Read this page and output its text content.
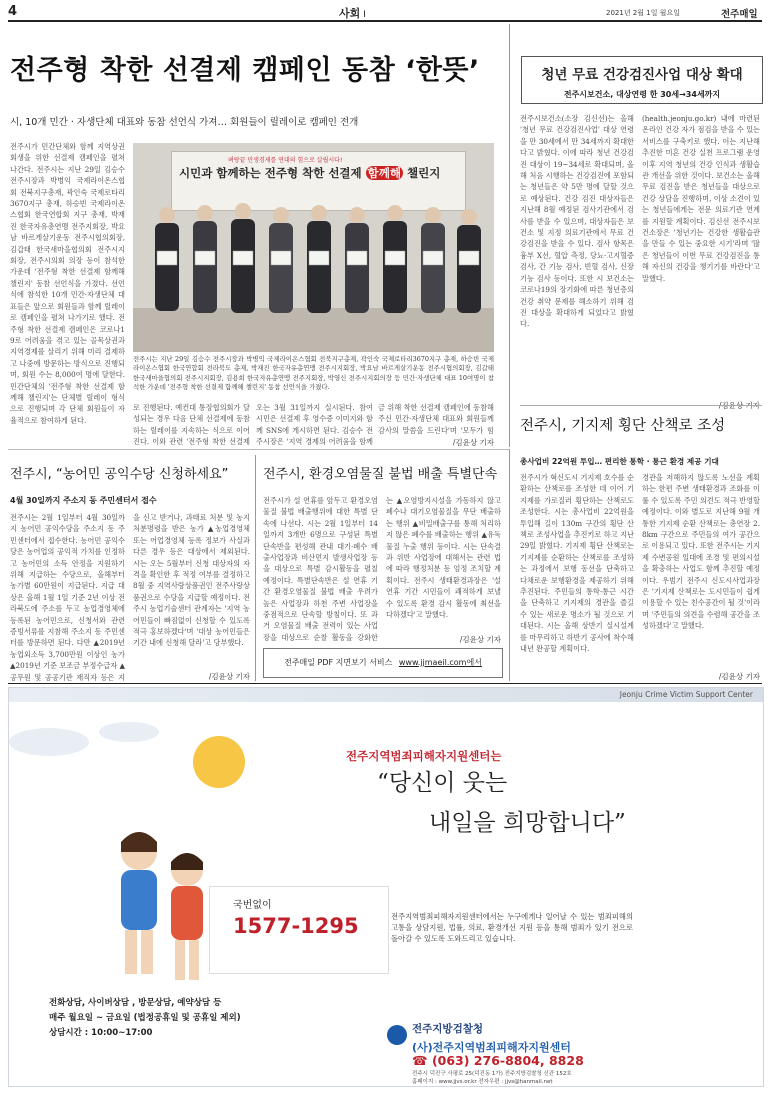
4	사회 Ⅰ	2021년 2월 1일 월요일	전주매일
전주형 착한 선결제 캠페인 동참 ‘한뜻’
시, 10개 민간 · 자생단체 대표와 동참 선언식 가져… 회원들이 릴레이로 캠페인 전개
전주시가 민간단체와 함께 지역상권 회생을 위한 선결제 캠페인을 펼쳐 나간다. 전주시는 지난 29일 김승수 전주시장과 박병익 국제라이온스협회 전북지구총재, 곽인숙 국제로타리3670지구 총재, 하승빈 국제라이온스협회 한국연합회 지구 총재, 박재진 한국자유총연맹 전주지회장, 박요남 바르게살기운동 전주시협의회장, 김갑태 한국새마을협의회 전주시지회장, 전주시의회 의장 등이 참석한 가운데 '전주형 착한 선결제 함께해 챌린지' 동참 선언식을 가졌다. 선언식에 참석한 10개 민간·자생단체 대표들은 앞으로 회원들과 함께 릴레이로 캠페인을 펼쳐 나가기로 했다. 전주형 착한 선결제 캠페인은 코로나19로 어려움을 겪고 있는 골목상권과 지역경제를 살리기 위해 미리 결제하고 나중에 방문하는 방식으로 진행되며, 회원 수는 8,000여 명에 달한다. 민간단체의 '전주형 착한 선결제 함께해 챌린지'는 단체별 릴레이 형식으로 진행되며 각 단체 회원들이 자율적으로 참여하게 된다.
벼랑끝 민생경제를 연대의 힘으로 살립시다!
시민과 함께하는 전주형 착한 선결제 함께해 챌린지
전주시는 지난 29일 김승수 전주시장과 박병익 국제라이온스협회 전북지구총재, 곽인숙 국제로타리3670지구 총재, 하승빈 국제라이온스협회 한국연합회 전라북도 총재, 박재진 한국자유총연맹 전주시지회장, 박요남 바르게살기운동 전주시협의회장, 김갑태 한국새마을협의회 전주시지회장, 김용희 한국자유총연맹 전주지회장, 박영신 전주시지회의장 등 민간·자생단체 대표 10여명이 참석한 가운데 '전주형 착한 선결제 함께해 챌린지' 동참 선언식을 가졌다.
로 진행된다. 예컨대 통장협의회가 달성되는 경우 다음 단체 선결제에 동참하는 릴레이를 지속하는 식으로 이어진다. 이와 관련 '전주형 착한 선결제
오는 3월 31일까지 실시된다. 참여 시민은 선결제 후 영수증 이미지와 함께 SNS에 게시하면 된다. 김승수 전주시장은 '지역 경제의 어려움을 함께
금 위해 착한 선결제 캠페인에 동참해주신 민간·자생단체 대표와 회원들께 감사의 말씀을 드린다'며 '모두가 힘
/김윤상 기자
청년 무료 건강검진사업 대상 확대
전주시보건소, 대상연령 한 30세→34세까지
전주시보건소(소장 김신선)는 올해 '청년 무료 건강검진사업' 대상 연령을 만 30세에서 만 34세까지 확대한다고 밝혔다. 이에 따라 청년 건강검진 대상이 19~34세로 확대되며, 올해 처음 시행하는 건강검진에 포함되는 청년들은 약 5만 명에 달할 것으로 예상된다. 건강 검진 대상자들은 지난해 8월 예정된 검사기관에서 검사를 받을 수 있으며, 대상자들은 보건소 및 지정 의료기관에서 무료 건강검진을 받을 수 있다. 검사 항목은 흉부 X선, 혈압 측정, 당뇨·고지혈증 검사, 간 기능 검사, 빈혈 검사, 신장 기능 검사 등이다. 또한 시 보건소는 코로나19의 장기화에 따른 청년층의 건강 취약 문제를 해소하기 위해 검진 대상을 확대하게 되었다고 밝혔다.
(health.jeonju.go.kr) 내에 마련된 온라인 건강 자가 점검을 받을 수 있는 서비스를 구축키로 했다. 이는 지난해 추진한 미혼 건강 실천 프로그램 운영 이후 지역 청년의 건강 인식과 생활습관 개선을 위한 것이다. 보건소는 올해 무료 검진을 받은 청년들을 대상으로 건강 상담을 진행하며, 이상 소견이 있는 청년들에게는 전문 의료기관 연계를 지원할 계획이다. 김신선 전주시보건소장은 '청년기는 건강한 생활습관을 만들 수 있는 중요한 시기'라며 '많은 청년들이 이번 무료 건강검진을 통해 자신의 건강을 챙기기를 바란다'고 말했다.
전주시, 기지제 횡단 산책로 조성
총사업비 22억원 투입… 편리한 통학 · 통근 환경 제공 기대
전주시가 혁신도시 기지제 호수를 순환하는 산책로를 조성한 데 이어 기지제를 가로질러 횡단하는 산책로도 조성한다. 시는 총사업비 22억원을 투입해 길이 130m 구간의 횡단 산책로 조성사업을 추진키로 하고 지난 29일 밝혔다. 기지제 횡단 산책로는 기지제를 순환하는 산책로를 조성하는 과정에서 보행 동선을 단축하고 다채로운 보행환경을 제공하기 위해 추진된다. 주민들의 통학·통근 시간을 단축하고 기지제의 경관을 즐길 수 있는 새로운 명소가 될 것으로 기대된다. 시는 올해 상반기 실시설계를 마무리하고 하반기 공사에 착수해 내년 완공할 계획이다.
경관을 저해하지 않도록 노선을 계획하는 한편 주변 생태환경과 조화를 이룰 수 있도록 주민 의견도 적극 반영할 예정이다. 이와 별도로 지난해 9월 개통한 기지제 순환 산책로는 총연장 2.8km 구간으로 주민들의 여가 공간으로 이용되고 있다. 또한 전주시는 기지제 수변공원 일대에 조경 및 편의시설을 확충하는 사업도 함께 추진할 예정이다. 우범기 전주시 신도시사업과장은 '기지제 산책로는 도시민들이 쉽게 이용할 수 있는 친수공간이 될 것'이라며 '주민들의 의견을 수렴해 공간을 조성하겠다'고 말했다.
/김윤상 기자
전주시, “농어민 공익수당 신청하세요”
4월 30일까지 주소지 동 주민센터서 접수
전주시는 2월 1일부터 4월 30일까지 농어민 공익수당을 주소지 동 주민센터에서 접수한다. 농어민 공익수당은 농어업의 공익적 가치를 인정하고 농어민의 소득 안정을 지원하기 위해 지급하는 수당으로, 올해부터 농가별 60만원이 지급된다. 지급 대상은 올해 1월 1일 기준 2년 이상 전라북도에 주소를 두고 농업경영체에 등록된 농어민으로, 신청서와 관련 증빙서류를 지참해 주소지 동 주민센터를 방문하면 된다. 다만 ▲2019년 농업외소득 3,700만원 이상인 농가 ▲2019년 기준 보조금 부정수급자 ▲공무원 및 공공기관 재직자 등은 지
을 신고 받거나, 과태료 처분 및 농지 처분명령을 받은 농가 ▲농업경영체 또는 어업경영체 등록 정보가 사실과 다른 경우 등은 대상에서 제외된다. 시는 오는 5월부터 신청 대상자의 자격을 확인한 후 적정 여부를 결정하고 8월 중 지역사랑상품권인 전주사랑상품권으로 수당을 지급할 예정이다. 전주시 농업기술센터 관계자는 '지역 농어민들이 빠짐없이 신청할 수 있도록 적극 홍보하겠다'며 '대상 농어민들은 기간 내에 신청해 달라'고 당부했다.
/김윤상 기자
전주시, 환경오염물질 불법 배출 특별단속
전주시가 설 연휴를 앞두고 환경오염물질 불법 배출행위에 대한 특별 단속에 나선다. 시는 2월 1일부터 14일까지 3개반 6명으로 구성된 특별단속반을 편성해 관내 대기·폐수 배출사업장과 비산먼지 발생사업장 등을 대상으로 특별 감시활동을 펼칠 예정이다. 특별단속반은 설 연휴 기간 환경오염물질 불법 배출 우려가 높은 사업장과 하천 주변 사업장을 중점적으로 단속할 방침이다. 또 과거 오염물질 배출 전력이 있는 사업장을 대상으로 순찰 활동을 강화한
는 ▲오염방지시설을 가동하지 않고 폐수나 대기오염물질을 무단 배출하는 행위 ▲비밀배출구를 통해 처리하지 않은 폐수를 배출하는 행위 ▲유독물질 누출 행위 등이다. 시는 단속결과 위반 사업장에 대해서는 관련 법에 따라 행정처분 등 엄정 조치할 계획이다. 전주시 생태환경과장은 '설 연휴 기간 시민들이 쾌적하게 보낼 수 있도록 환경 감시 활동에 최선을 다하겠다'고 말했다.
/김윤상 기자
전주매일 PDF 지면보기 서비스 www.jjmaeil.com에서
Jeonju Crime Victim Support Center
국번없이
1577-1295
전화상담, 사이버상담 , 방문상담, 예약상담 등
매주 월요일 ~ 금요일 (법정공휴일 및 공휴일 제외)
상담시간 : 10:00~17:00
전주지역범죄피해자지원센터는
“당신이 웃는
내일을 희망합니다”
전주지역범죄피해자지원센터에서는 누구에게나 일어날 수 있는 범죄피해의 고통을 상담지원, 법률, 의료, 환경개선 지원 등을 통해 범죄가 있기 전으로 돌아갈 수 있도록 도와드리고 있습니다.
전주지방검찰청
(사)전주지역범죄피해자지원센터
☎ (063) 276-8804, 8828
전주시 덕진구 사평로 25(덕진동 1가) 전주지방검찰청 신관 152호
홈페이지 : www.jjvs.or.kr 전자우편 : jjvs@hanmail.net
